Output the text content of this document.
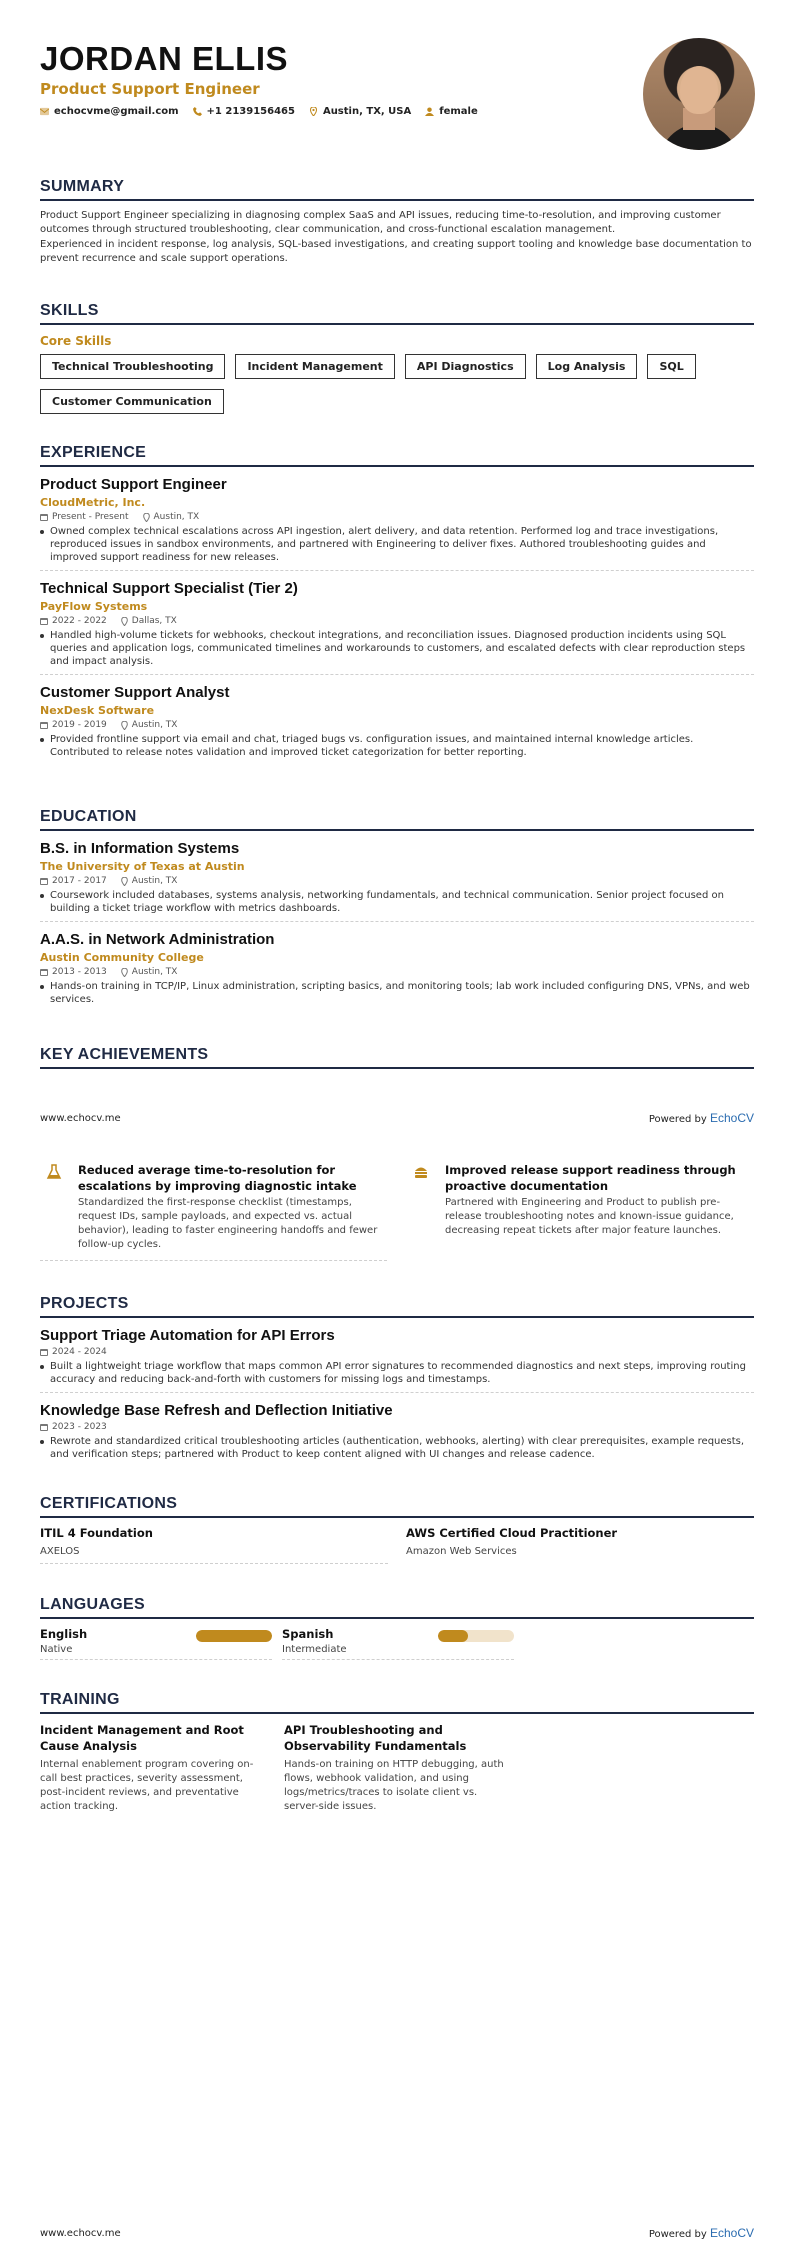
JORDAN ELLIS
Product Support Engineer
echocvme@gmail.com	+1 2139156465	Austin, TX, USA	female
SUMMARY
Product Support Engineer specializing in diagnosing complex SaaS and API issues, reducing time-to-resolution, and improving customer outcomes through structured troubleshooting, clear communication, and cross-functional escalation management.
Experienced in incident response, log analysis, SQL-based investigations, and creating support tooling and knowledge base documentation to prevent recurrence and scale support operations.
SKILLS
Core Skills
Technical Troubleshooting	Incident Management	API Diagnostics	Log Analysis	SQL
Customer Communication
EXPERIENCE
Product Support Engineer
CloudMetric, Inc.
Present - Present	Austin, TX
Owned complex technical escalations across API ingestion, alert delivery, and data retention. Performed log and trace investigations, reproduced issues in sandbox environments, and partnered with Engineering to deliver fixes. Authored troubleshooting guides and improved support readiness for new releases.
Technical Support Specialist (Tier 2)
PayFlow Systems
2022 - 2022	Dallas, TX
Handled high-volume tickets for webhooks, checkout integrations, and reconciliation issues. Diagnosed production incidents using SQL queries and application logs, communicated timelines and workarounds to customers, and escalated defects with clear reproduction steps and impact analysis.
Customer Support Analyst
NexDesk Software
2019 - 2019	Austin, TX
Provided frontline support via email and chat, triaged bugs vs. configuration issues, and maintained internal knowledge articles. Contributed to release notes validation and improved ticket categorization for better reporting.
EDUCATION
B.S. in Information Systems
The University of Texas at Austin
2017 - 2017	Austin, TX
Coursework included databases, systems analysis, networking fundamentals, and technical communication. Senior project focused on building a ticket triage workflow with metrics dashboards.
A.A.S. in Network Administration
Austin Community College
2013 - 2013	Austin, TX
Hands-on training in TCP/IP, Linux administration, scripting basics, and monitoring tools; lab work included configuring DNS, VPNs, and web services.
KEY ACHIEVEMENTS
www.echocv.me	Powered by EchoCV
Reduced average time-to-resolution for escalations by improving diagnostic intake
Standardized the first-response checklist (timestamps, request IDs, sample payloads, and expected vs. actual behavior), leading to faster engineering handoffs and fewer follow-up cycles.
Improved release support readiness through proactive documentation
Partnered with Engineering and Product to publish pre-release troubleshooting notes and known-issue guidance, decreasing repeat tickets after major feature launches.
PROJECTS
Support Triage Automation for API Errors
2024 - 2024
Built a lightweight triage workflow that maps common API error signatures to recommended diagnostics and next steps, improving routing accuracy and reducing back-and-forth with customers for missing logs and timestamps.
Knowledge Base Refresh and Deflection Initiative
2023 - 2023
Rewrote and standardized critical troubleshooting articles (authentication, webhooks, alerting) with clear prerequisites, example requests, and verification steps; partnered with Product to keep content aligned with UI changes and release cadence.
CERTIFICATIONS
ITIL 4 Foundation
AXELOS
AWS Certified Cloud Practitioner
Amazon Web Services
LANGUAGES
English
Native
Spanish
Intermediate
TRAINING
Incident Management and Root Cause Analysis
Internal enablement program covering on-call best practices, severity assessment, post-incident reviews, and preventative action tracking.
API Troubleshooting and Observability Fundamentals
Hands-on training on HTTP debugging, auth flows, webhook validation, and using logs/metrics/traces to isolate client vs. server-side issues.
www.echocv.me	Powered by EchoCV
